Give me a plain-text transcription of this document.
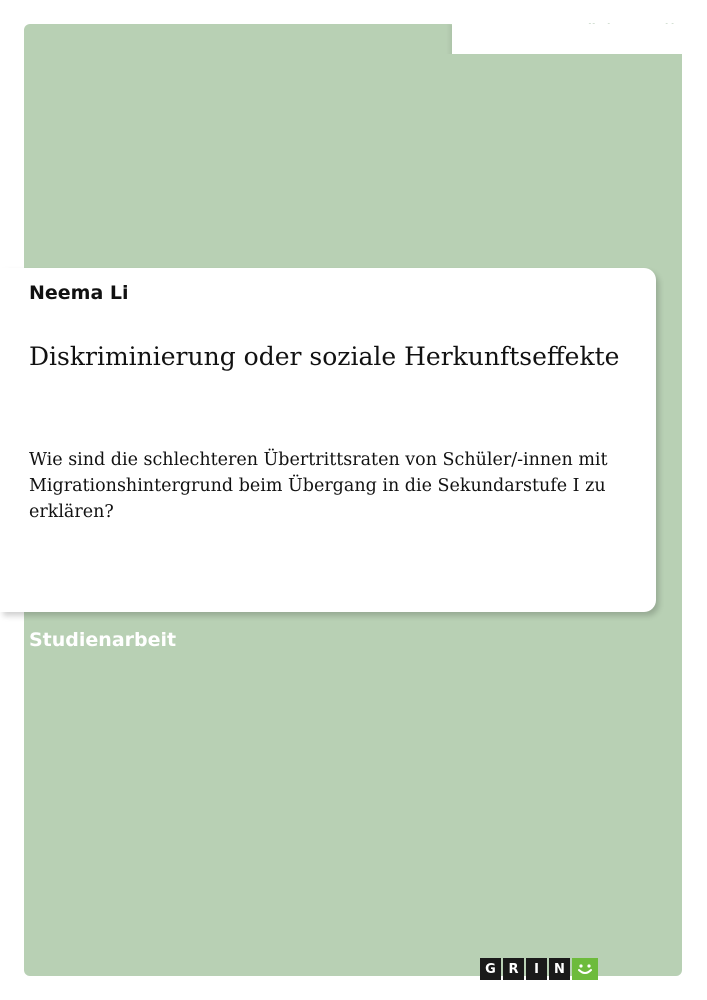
Neema Li
Diskriminierung oder soziale Herkunftseffekte
Wie sind die schlechteren Übertrittsraten von Schüler/-innen mit Migrationshintergrund beim Übergang in die Sekundarstufe I zu erklären?
Studienarbeit
G R	I	N
